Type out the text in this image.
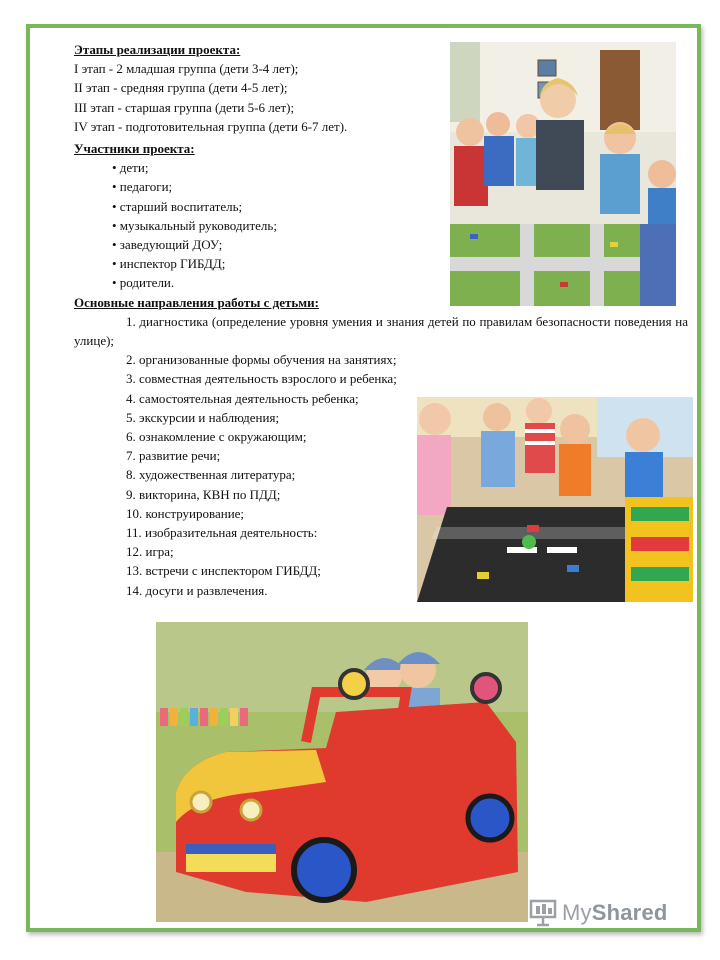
Этапы реализации проекта:
I этап - 2 младшая группа (дети 3-4 лет);
II этап - средняя группа (дети 4-5 лет);
III этап - старшая группа (дети 5-6 лет);
IV этап - подготовительная группа (дети 6-7 лет).
Участники проекта:
• дети;
• педагоги;
• старший воспитатель;
• музыкальный руководитель;
• заведующий ДОУ;
• инспектор ГИБДД;
• родители.
Основные направления работы с детьми:
1. диагностика (определение уровня умения и знания детей по правилам безопасности поведения на улице);
2. организованные формы обучения на занятиях;
3. совместная деятельность взрослого и ребенка;
4. самостоятельная деятельность ребенка;
5. экскурсии и наблюдения;
6. ознакомление с окружающим;
7. развитие речи;
8. художественная литература;
9. викторина, КВН по ПДД;
10. конструирование;
11. изобразительная деятельность:
12. игра;
13. встречи с инспектором ГИБДД;
14. досуги и развлечения.
My Shared
